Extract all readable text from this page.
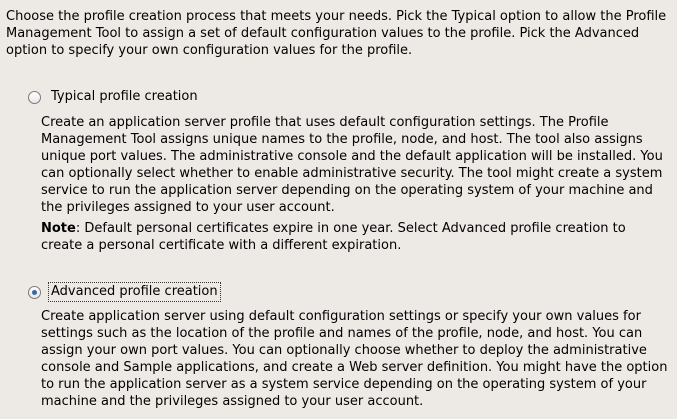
Choose the profile creation process that meets your needs. Pick the Typical option to allow the Profile Management Tool to assign a set of default configuration values to the profile. Pick the Advanced option to specify your own configuration values for the profile.

Typical profile creation

Create an application server profile that uses default configuration settings. The Profile Management Tool assigns unique names to the profile, node, and host. The tool also assigns unique port values. The administrative console and the default application will be installed. You can optionally select whether to enable administrative security. The tool might create a system service to run the application server depending on the operating system of your machine and the privileges assigned to your user account.

Note: Default personal certificates expire in one year. Select Advanced profile creation to create a personal certificate with a different expiration.

Advanced profile creation

Create application server using default configuration settings or specify your own values for settings such as the location of the profile and names of the profile, node, and host. You can assign your own port values. You can optionally choose whether to deploy the administrative console and Sample applications, and create a Web server definition. You might have the option to run the application server as a system service depending on the operating system of your machine and the privileges assigned to your user account.
